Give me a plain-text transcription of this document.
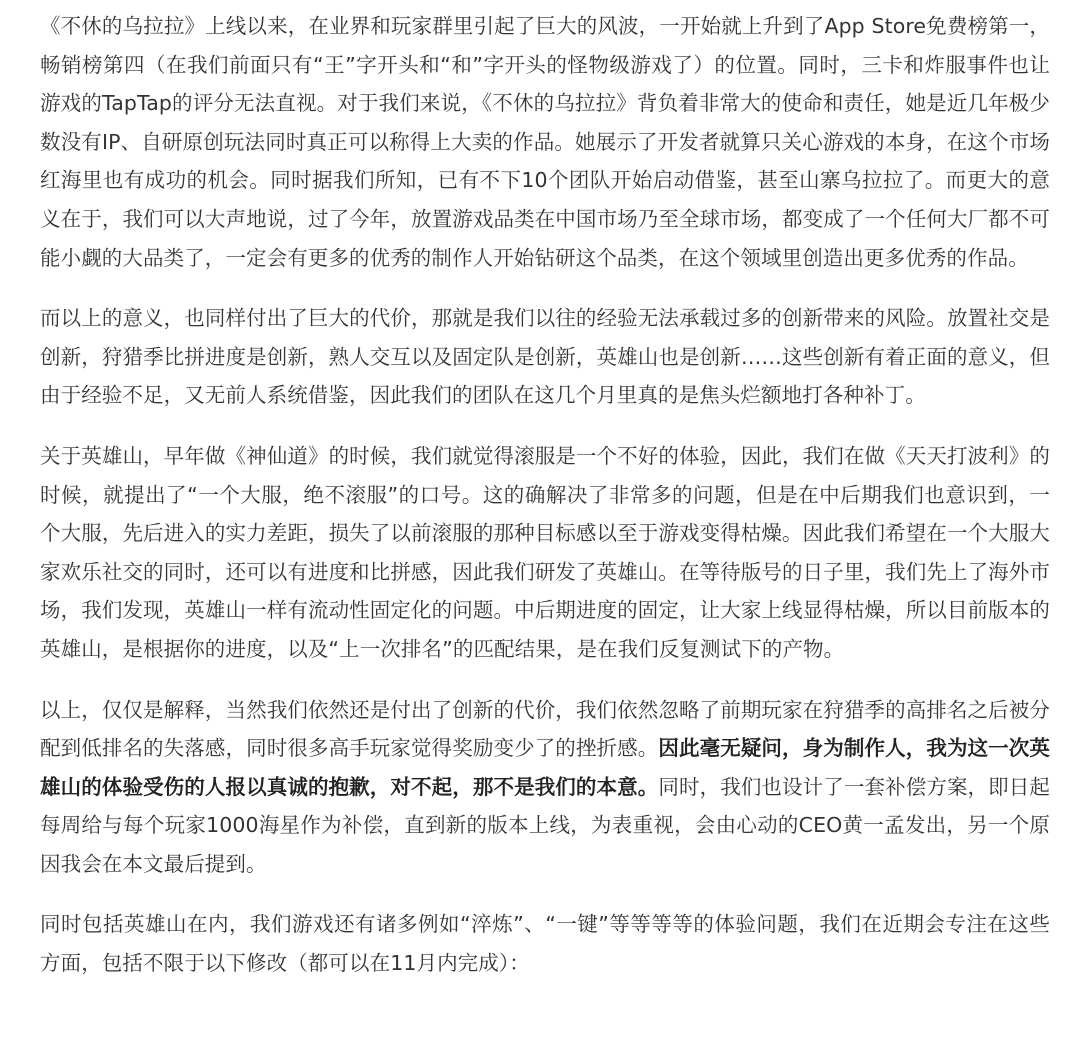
《不休的乌拉拉》上线以来，在业界和玩家群里引起了巨大的风波，一开始就上升到了App Store免费榜第一，畅销榜第四（在我们前面只有“王”字开头和“和”字开头的怪物级游戏了）的位置。同时，三卡和炸服事件也让游戏的TapTap的评分无法直视。对于我们来说，《不休的乌拉拉》背负着非常大的使命和责任，她是近几年极少数没有IP、自研原创玩法同时真正可以称得上大卖的作品。她展示了开发者就算只关心游戏的本身，在这个市场红海里也有成功的机会。同时据我们所知，已有不下10个团队开始启动借鉴，甚至山寨乌拉拉了。而更大的意义在于，我们可以大声地说，过了今年，放置游戏品类在中国市场乃至全球市场，都变成了一个任何大厂都不可能小觑的大品类了，一定会有更多的优秀的制作人开始钻研这个品类，在这个领域里创造出更多优秀的作品。

而以上的意义，也同样付出了巨大的代价，那就是我们以往的经验无法承载过多的创新带来的风险。放置社交是创新，狩猎季比拼进度是创新，熟人交互以及固定队是创新，英雄山也是创新……这些创新有着正面的意义，但由于经验不足，又无前人系统借鉴，因此我们的团队在这几个月里真的是焦头烂额地打各种补丁。

关于英雄山，早年做《神仙道》的时候，我们就觉得滚服是一个不好的体验，因此，我们在做《天天打波利》的时候，就提出了“一个大服，绝不滚服”的口号。这的确解决了非常多的问题，但是在中后期我们也意识到，一个大服，先后进入的实力差距，损失了以前滚服的那种目标感以至于游戏变得枯燥。因此我们希望在一个大服大家欢乐社交的同时，还可以有进度和比拼感，因此我们研发了英雄山。在等待版号的日子里，我们先上了海外市场，我们发现，英雄山一样有流动性固定化的问题。中后期进度的固定，让大家上线显得枯燥，所以目前版本的英雄山，是根据你的进度，以及“上一次排名”的匹配结果，是在我们反复测试下的产物。

以上，仅仅是解释，当然我们依然还是付出了创新的代价，我们依然忽略了前期玩家在狩猎季的高排名之后被分配到低排名的失落感，同时很多高手玩家觉得奖励变少了的挫折感。因此毫无疑问，身为制作人，我为这一次英雄山的体验受伤的人报以真诚的抱歉，对不起，那不是我们的本意。同时，我们也设计了一套补偿方案，即日起每周给与每个玩家1000海星作为补偿，直到新的版本上线，为表重视，会由心动的CEO黄一孟发出，另一个原因我会在本文最后提到。

同时包括英雄山在内，我们游戏还有诸多例如“淬炼”、“一键”等等等等的体验问题，我们在近期会专注在这些方面，包括不限于以下修改（都可以在11月内完成）：
